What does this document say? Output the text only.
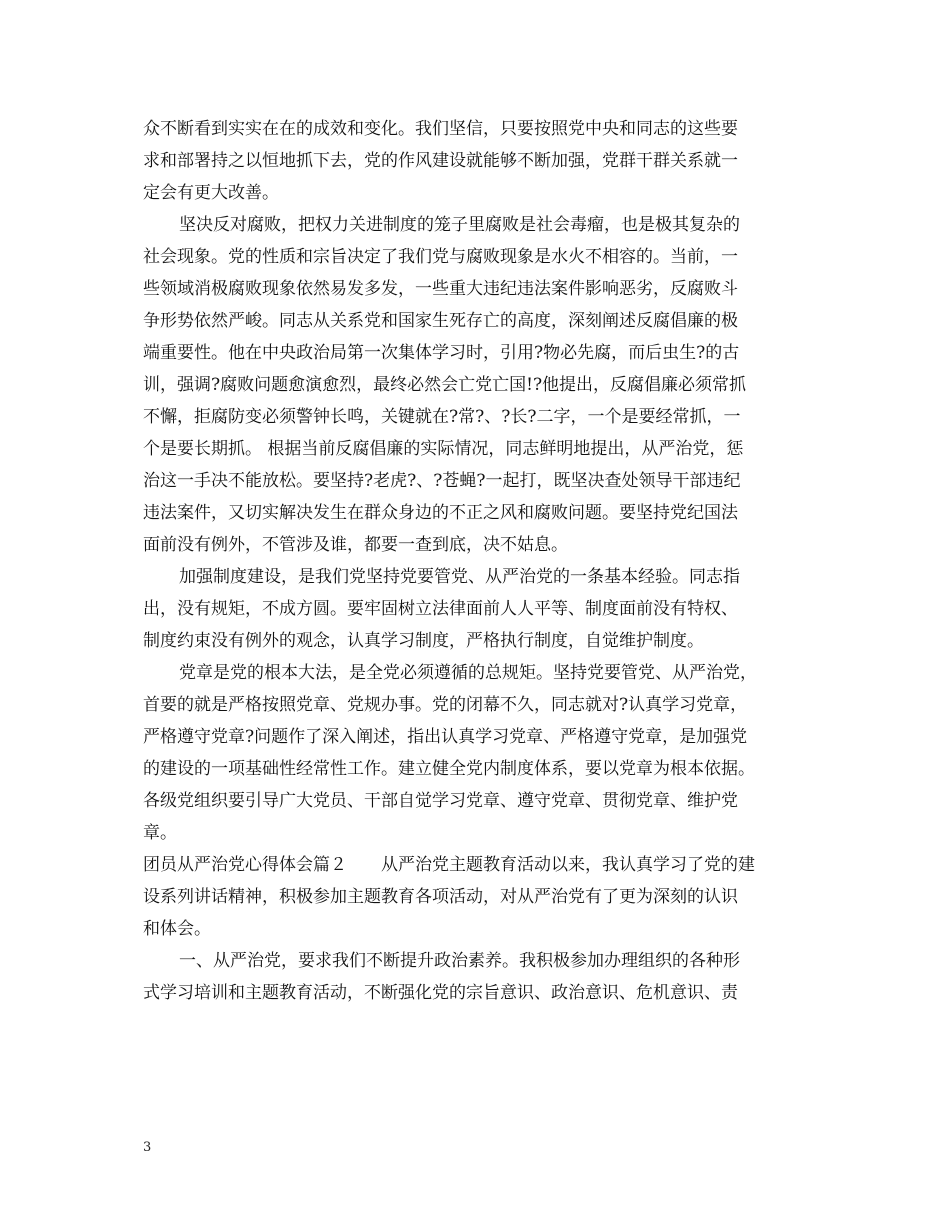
众不断看到实实在在的成效和变化。我们坚信，只要按照党中央和同志的这些要
求和部署持之以恒地抓下去，党的作风建设就能够不断加强，党群干群关系就一
定会有更大改善。
坚决反对腐败，把权力关进制度的笼子里腐败是社会毒瘤，也是极其复杂的
社会现象。党的性质和宗旨决定了我们党与腐败现象是水火不相容的。当前，一
些领域消极腐败现象依然易发多发，一些重大违纪违法案件影响恶劣，反腐败斗
争形势依然严峻。同志从关系党和国家生死存亡的高度，深刻阐述反腐倡廉的极
端重要性。他在中央政治局第一次集体学习时，引用?物必先腐，而后虫生?的古
训，强调?腐败问题愈演愈烈，最终必然会亡党亡国!?他提出，反腐倡廉必须常抓
不懈，拒腐防变必须警钟长鸣，关键就在?常?、?长?二字，一个是要经常抓，一
个是要长期抓。 根据当前反腐倡廉的实际情况，同志鲜明地提出，从严治党，惩
治这一手决不能放松。要坚持?老虎?、?苍蝇?一起打，既坚决查处领导干部违纪
违法案件，又切实解决发生在群众身边的不正之风和腐败问题。要坚持党纪国法
面前没有例外，不管涉及谁，都要一查到底，决不姑息。
加强制度建设，是我们党坚持党要管党、从严治党的一条基本经验。同志指
出，没有规矩，不成方圆。要牢固树立法律面前人人平等、制度面前没有特权、
制度约束没有例外的观念，认真学习制度，严格执行制度，自觉维护制度。
党章是党的根本大法，是全党必须遵循的总规矩。坚持党要管党、从严治党，
首要的就是严格按照党章、党规办事。党的闭幕不久，同志就对?认真学习党章，
严格遵守党章?问题作了深入阐述，指出认真学习党章、严格遵守党章，是加强党
的建设的一项基础性经常性工作。建立健全党内制度体系，要以党章为根本依据。
各级党组织要引导广大党员、干部自觉学习党章、遵守党章、贯彻党章、维护党
章。
团员从严治党心得体会篇２　　从严治党主题教育活动以来，我认真学习了党的建
设系列讲话精神，积极参加主题教育各项活动，对从严治党有了更为深刻的认识
和体会。
一、从严治党，要求我们不断提升政治素养。我积极参加办理组织的各种形
式学习培训和主题教育活动，不断强化党的宗旨意识、政治意识、危机意识、责
3
